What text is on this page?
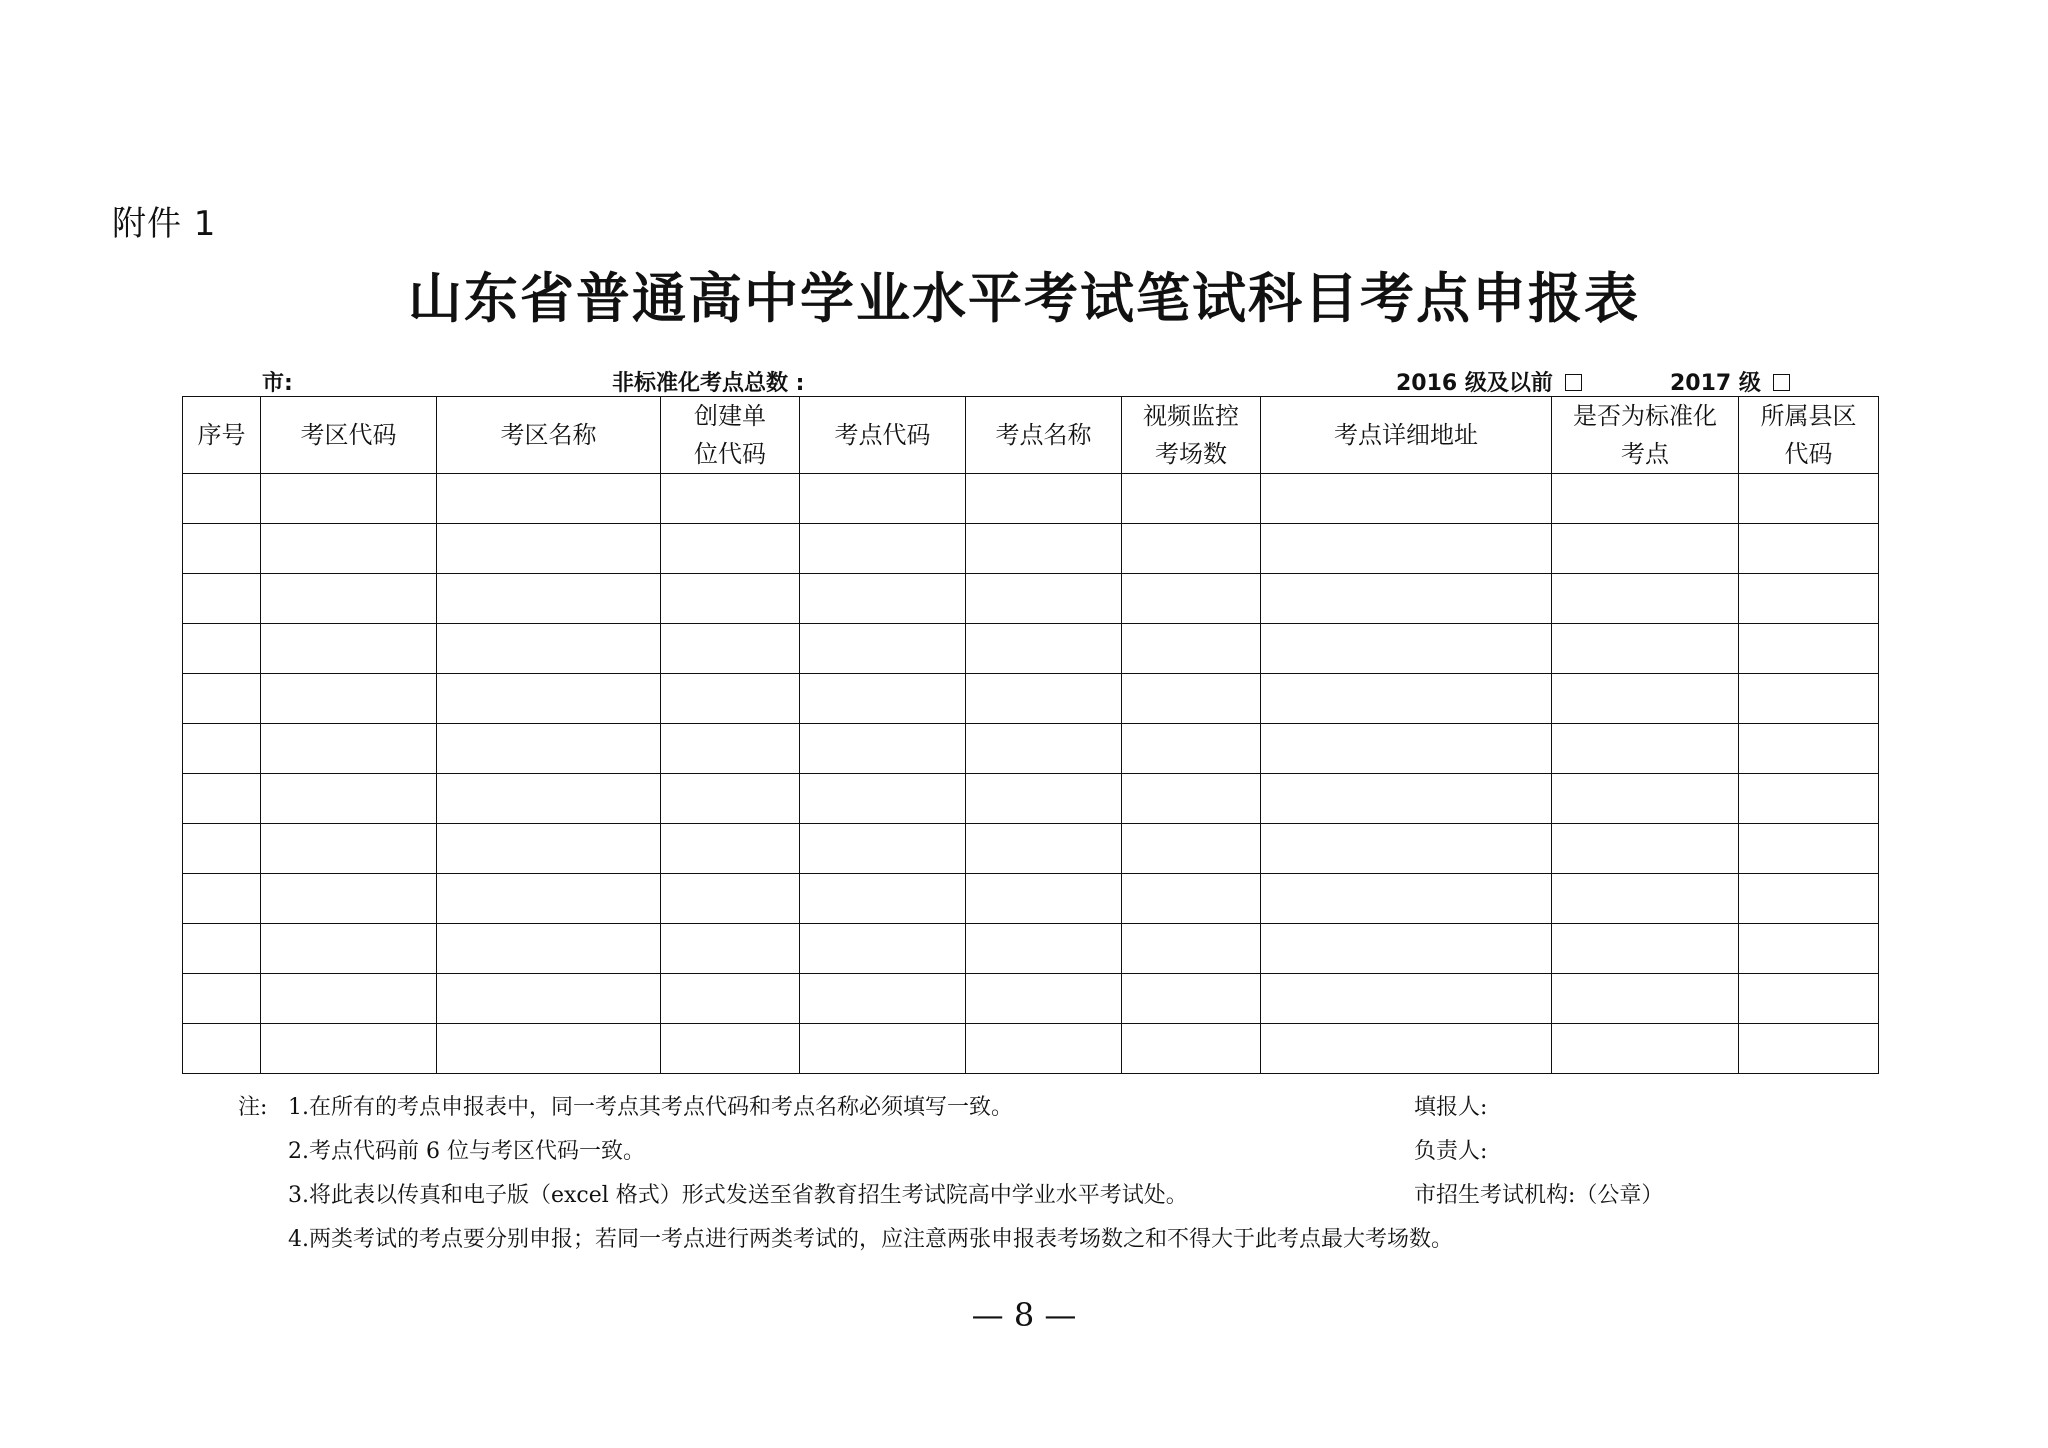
附件 1
山东省普通高中学业水平考试笔试科目考点申报表
市:	非标准化考点总数 :	2016 级及以前	2017 级
序号	考区代码	考区名称	创建单位代码	考点代码	考点名称	视频监控考场数	考点详细地址	是否为标准化考点	所属县区代码

注: 1.在所有的考点申报表中，同一考点其考点代码和考点名称必须填写一致。
2.考点代码前 6 位与考区代码一致。
3.将此表以传真和电子版（excel 格式）形式发送至省教育招生考试院高中学业水平考试处。
4.两类考试的考点要分别申报；若同一考点进行两类考试的，应注意两张申报表考场数之和不得大于此考点最大考场数。
填报人:
负责人:
市招生考试机构:（公章）
— 8 —
